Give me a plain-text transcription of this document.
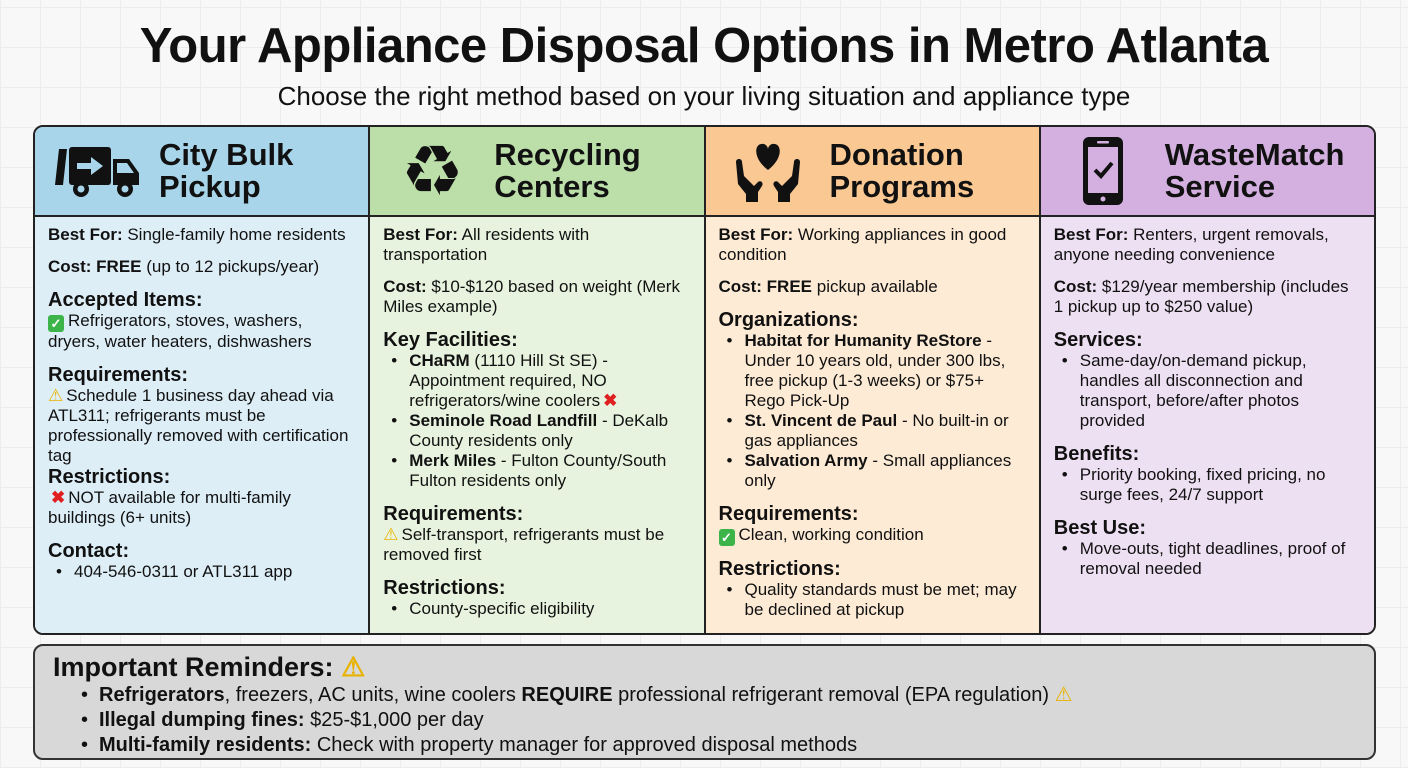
Your Appliance Disposal Options in Metro Atlanta
Choose the right method based on your living situation and appliance type
City Bulk
Pickup
Best For: Single-family home residents
Cost: FREE (up to 12 pickups/year)
Accepted Items:
✓ Refrigerators, stoves, washers, dryers, water heaters, dishwashers
Requirements:
⚠ Schedule 1 business day ahead via ATL311; refrigerants must be professionally removed with certification tag
Restrictions:
✖ NOT available for multi-family buildings (6+ units)
Contact:
• 404-546-0311 or ATL311 app
♻ Recycling
Centers
Best For: All residents with transportation
Cost: $10-$120 based on weight (Merk Miles example)
Key Facilities:
• CHaRM (1110 Hill St SE) - Appointment required, NO refrigerators/wine coolers ✖
• Seminole Road Landfill - DeKalb County residents only
• Merk Miles - Fulton County/South Fulton residents only
Requirements:
⚠ Self-transport, refrigerants must be removed first
Restrictions:
• County-specific eligibility
Donation
Programs
Best For: Working appliances in good condition
Cost: FREE pickup available
Organizations:
• Habitat for Humanity ReStore - Under 10 years old, under 300 lbs, free pickup (1-3 weeks) or $75+ Rego Pick-Up
• St. Vincent de Paul - No built-in or gas appliances
• Salvation Army - Small appliances only
Requirements:
✓ Clean, working condition
Restrictions:
• Quality standards must be met; may be declined at pickup
WasteMatch
Service
Best For: Renters, urgent removals, anyone needing convenience
Cost: $129/year membership (includes 1 pickup up to $250 value)
Services:
• Same-day/on-demand pickup, handles all disconnection and transport, before/after photos provided
Benefits:
• Priority booking, fixed pricing, no surge fees, 24/7 support
Best Use:
• Move-outs, tight deadlines, proof of removal needed
Important Reminders: ⚠
• Refrigerators, freezers, AC units, wine coolers REQUIRE professional refrigerant removal (EPA regulation) ⚠
• Illegal dumping fines: $25-$1,000 per day
• Multi-family residents: Check with property manager for approved disposal methods
